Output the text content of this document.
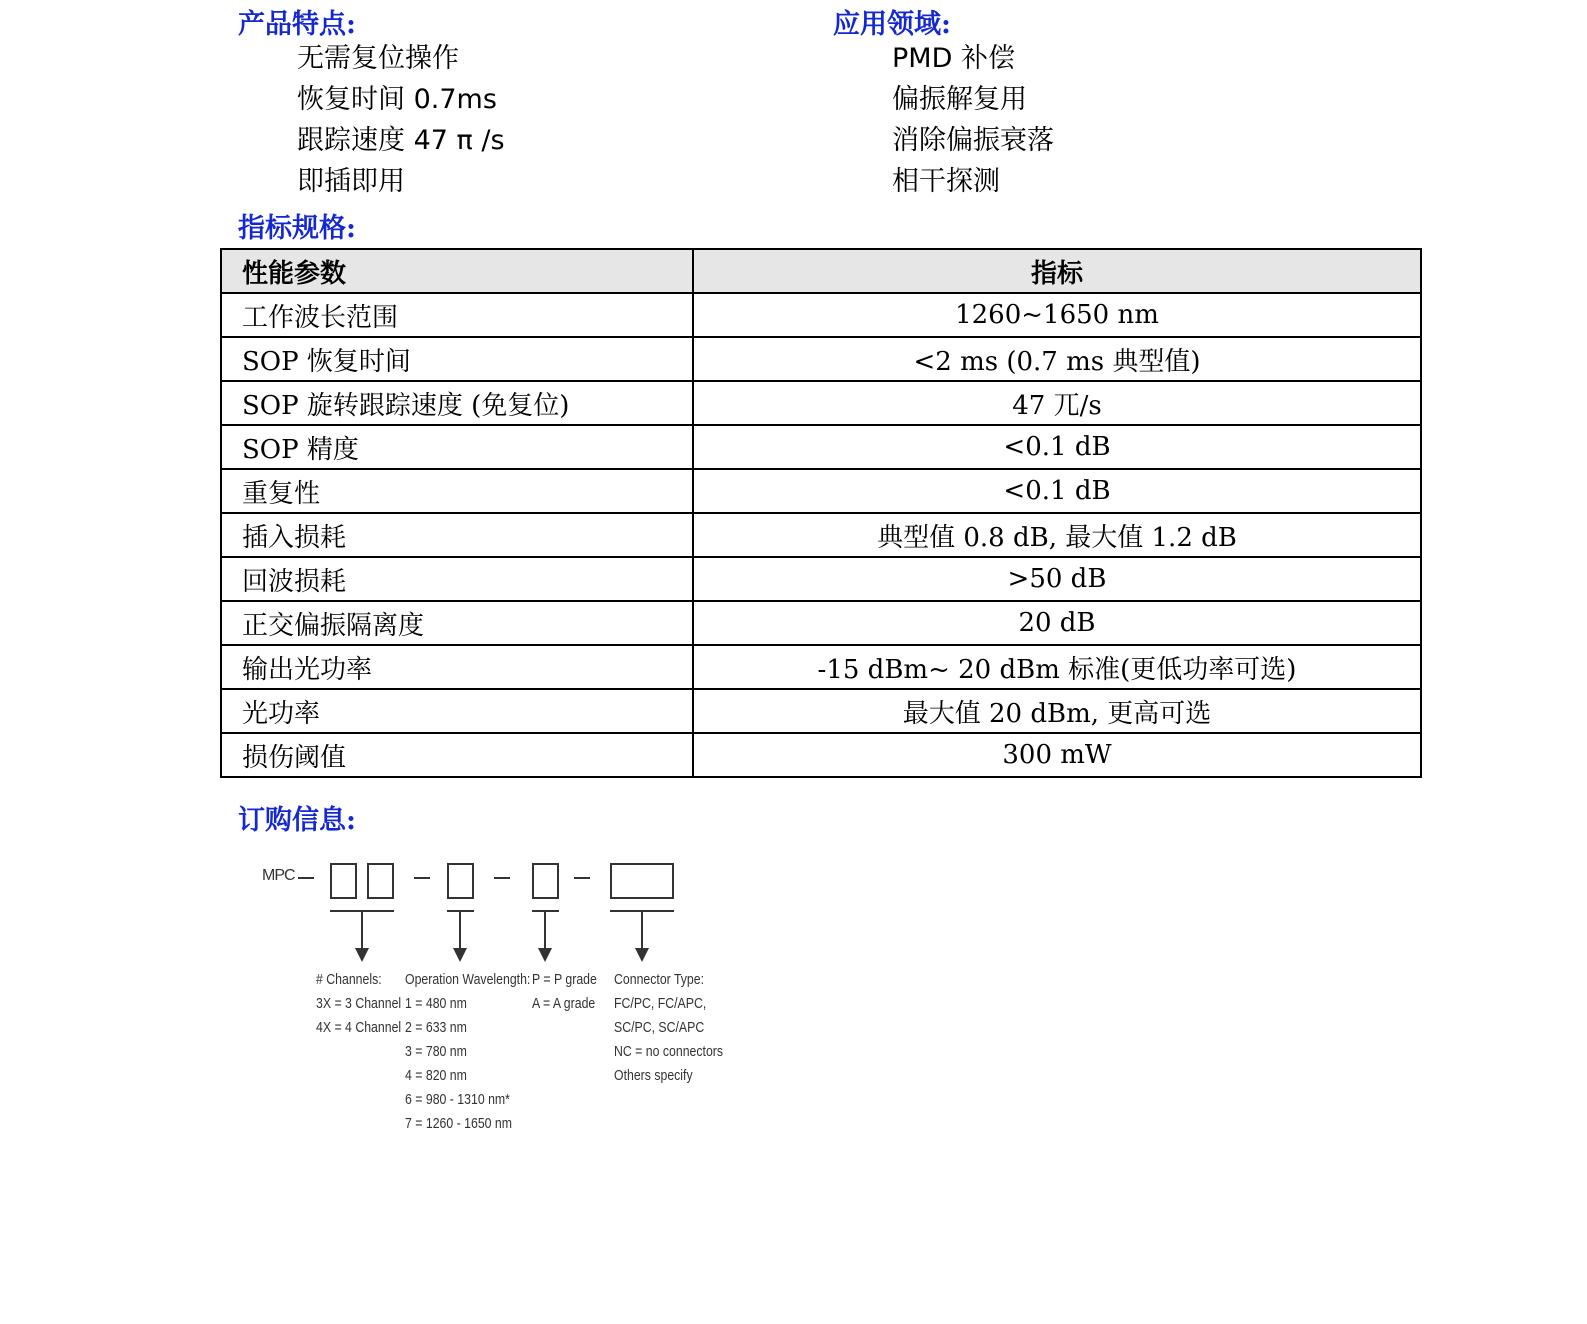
产品特点:
无需复位操作
恢复时间 0.7ms
跟踪速度 47 π /s
即插即用
应用领域:
PMD 补偿
偏振解复用
消除偏振衰落
相干探测
指标规格:
性能参数	指标
工作波长范围	1260~1650 nm
SOP 恢复时间	<2 ms (0.7 ms 典型值)
SOP 旋转跟踪速度 (免复位)	47 兀/s
SOP 精度	<0.1 dB
重复性	<0.1 dB
插入损耗	典型值 0.8 dB, 最大值 1.2 dB
回波损耗	>50 dB
正交偏振隔离度	20 dB
输出光功率	-15 dBm~ 20 dBm 标准(更低功率可选)
光功率	最大值 20 dBm, 更高可选
损伤阈值	300 mW
订购信息:
MPC
# Channels:
3X = 3 Channel
4X = 4 Channel
Operation Wavelength:
1 = 480 nm
2 = 633 nm
3 = 780 nm
4 = 820 nm
6 = 980 - 1310 nm*
7 = 1260 - 1650 nm
P = P grade
A = A grade
Connector Type:
FC/PC, FC/APC,
SC/PC, SC/APC
NC = no connectors
Others specify
